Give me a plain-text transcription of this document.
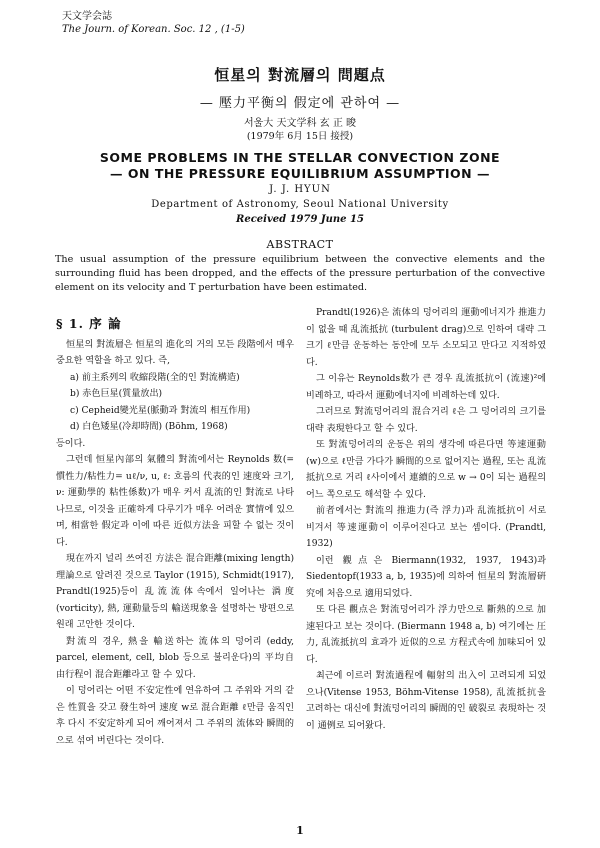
天文学会誌
The Journ. of Korean. Soc. 12 , (1-5)
恒星의 對流層의 問題点
— 壓力平衡의 假定에 관하여 —
서울大 天文学科 玄 正 晙
(1979年 6月 15日 接授)
SOME PROBLEMS IN THE STELLAR CONVECTION ZONE
— ON THE PRESSURE EQUILIBRIUM ASSUMPTION —
J. J. HYUN
Department of Astronomy, Seoul National University
Received 1979 June 15
ABSTRACT
The usual assumption of the pressure equilibrium between the convective elements and the surrounding fluid has been dropped, and the effects of the pressure perturbation of the convective element on its velocity and T perturbation have been estimated.
§ 1. 序 論

恒星의 對流層은 恒星의 進化의 거의 모든 段階에서 매우 중요한 역할을 하고 있다. 즉,

a) 前主系列의 收縮段階(全的인 對流構造)

b) 赤色巨星(質量放出)

c) Cepheid變光星(脈動과 對流의 相互作用)

d) 白色矮星(冷却時間) (Böhm, 1968)

등이다.

그런데 恒星內部의 氣體의 對流에서는 Reynolds 数(=慣性力/粘性力= uℓ/ν, u, ℓ: 흐름의 代表的인 速度와 크기, ν: 運動學的 粘性係数)가 매우 커서 乱流的인 對流로 나타나므로, 이것을 正確하게 다루기가 매우 어려운 實情에 있으며, 相當한 假定과 이에 따른 近似方法을 피할 수 없는 것이다.

現在까지 널리 쓰여진 方法은 混合距離(mixing length)理論으로 알려진 것으로 Taylor (1915), Schmidt(1917), Prandtl(1925)등이 乱流流体속에서 일어나는 渦度 (vorticity), 熱, 運動量등의 輸送現象을 설명하는 방편으로 원래 고안한 것이다.

對流의 경우, 熱을 輸送하는 流体의 덩어리 (eddy, parcel, element, cell, blob 등으로 불리운다)의 平均自由行程이 混合距離라고 할 수 있다.

이 덩어리는 어떤 不安定性에 연유하여 그 주위와 거의 같은 性質을 갖고 發生하여 速度 w로 混合距離 ℓ만큼 움직인 후 다시 不安定하게 되어 깨어져서 그 주위의 流体와 瞬間的으로 섞여 버린다는 것이다.

Prandtl(1926)은 流体의 덩어리의 運動에너지가 推進力이 없을 때 乱流抵抗 (turbulent drag)으로 인하여 대략 그 크기 ℓ만큼 운동하는 동안에 모두 소모되고 만다고 지적하였다.

그 이유는 Reynolds数가 큰 경우 乱流抵抗이 (流速)²에 비례하고, 따라서 運動에너지에 비례하는데 있다.

그러므로 對流덩어리의 混合거리 ℓ은 그 덩어리의 크기를 대략 表現한다고 할 수 있다.

또 對流덩어리의 운동은 위의 생각에 따른다면 等速運動(w)으로 ℓ만큼 가다가 瞬間的으로 없어지는 過程, 또는 乱流 抵抗으로 거리 ℓ사이에서 連續的으로 w → 0이 되는 過程의 어느 쪽으로도 해석할 수 있다.

前者에서는 對流의 推進力(즉 浮力)과 乱流抵抗이 서로 비겨서 等速運動이 이루어진다고 보는 셈이다. (Prandtl, 1932)

이런 觀点은 Biermann(1932, 1937, 1943)과 Siedentopf(1933 a, b, 1935)에 의하여 恒星의 對流層硏究에 처음으로 適用되었다.

또 다른 觀点은 對流덩어리가 浮力만으로 斷熱的으로 加速된다고 보는 것이다. (Biermann 1948 a, b) 여기에는 圧力, 乱流抵抗의 효과가 近似的으로 方程式속에 加味되어 있다.

최근에 이르러 對流過程에 輻射의 出入이 고려되게 되었으나(Vitense 1953, Böhm-Vitense 1958), 乱流抵抗을 고려하는 대신에 對流덩어리의 瞬間的인 破裂로 表現하는 것이 通例로 되어왔다.

1
